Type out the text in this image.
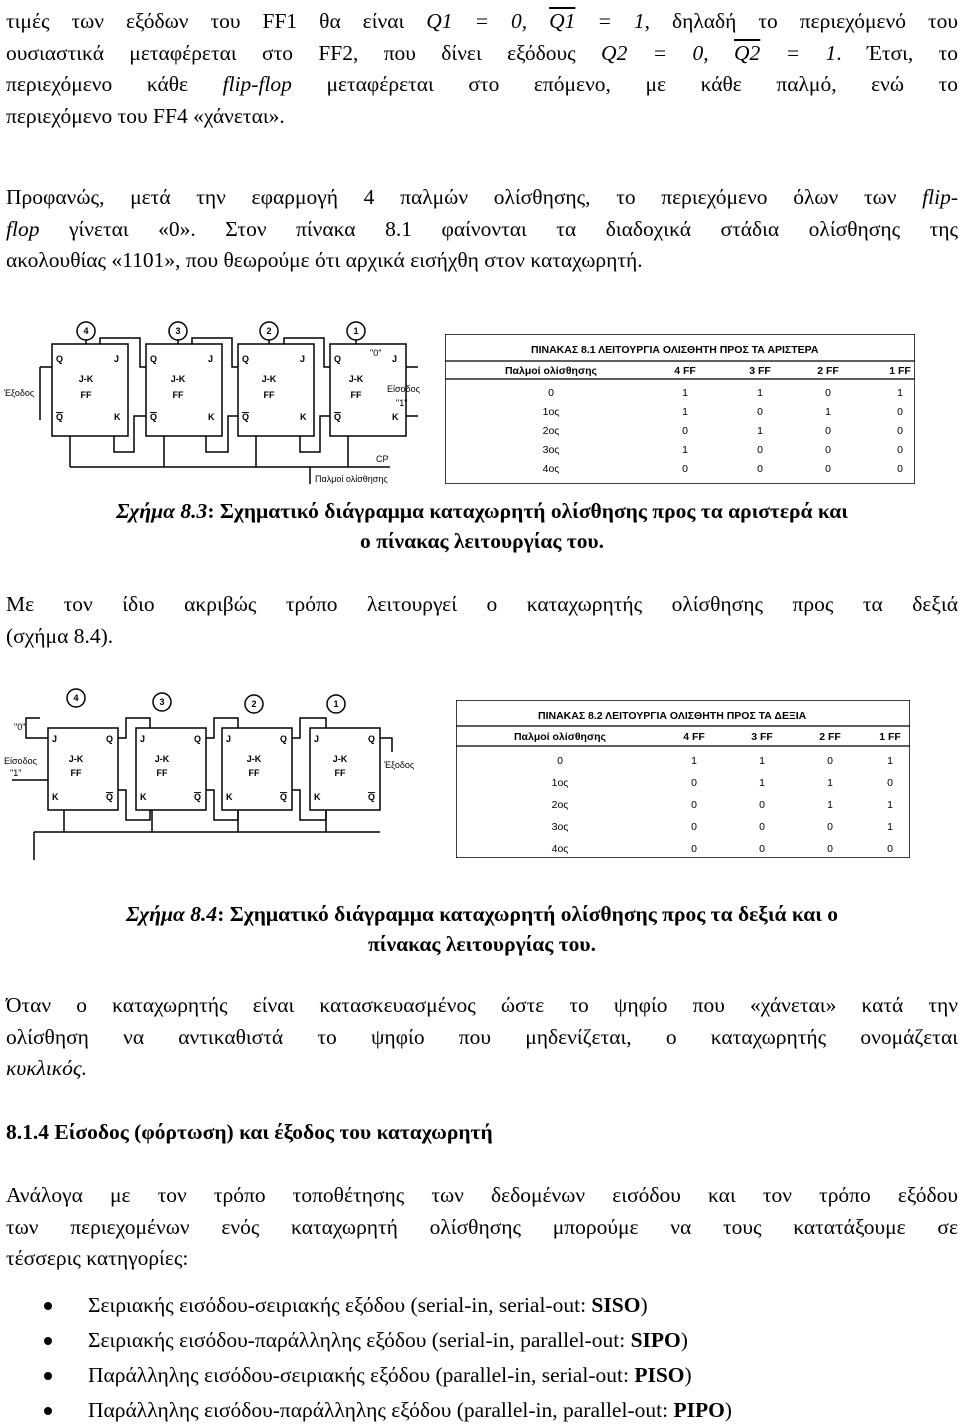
τιμές των εξόδων του FF1 θα είναι Q1 = 0, Q1 = 1, δηλαδή το περιεχόμενό του
ουσιαστικά μεταφέρεται στο FF2, που δίνει εξόδους Q2 = 0, Q2 = 1. Έτσι, το
περιεχόμενο κάθε flip-flop μεταφέρεται στο επόμενο, με κάθε παλμό, ενώ το
περιεχόμενο του FF4 «χάνεται».
Προφανώς, μετά την εφαρμογή 4 παλμών ολίσθησης, το περιεχόμενο όλων των flip-
flop γίνεται «0». Στον πίνακα 8.1 φαίνονται τα διαδοχικά στάδια ολίσθησης της
ακολουθίας «1101», που θεωρούμε ότι αρχικά εισήχθη στον καταχωρητή.
4	3	2	1
J-K
FF
J-K
FF
J-K
FF
J-K
FF
Q	J
Q	K
Q	J
Q	K
Q	J
Q	K
Q	J
Q	K
Έξοδος	Είσοδος
"0"
"1"
CP
Παλμοί ολίσθησης
ΠΙΝΑΚΑΣ 8.1 ΛΕΙΤΟΥΡΓΙΑ ΟΛΙΣΘΗΤΗ ΠΡΟΣ ΤΑ ΑΡΙΣΤΕΡΑ
Παλμοί ολίσθησης	4 FF	3 FF	2 FF	1 FF
0	1	1	0	1
1ος	1	0	1	0
2ος	0	1	0	0
3ος	1	0	0	0
4ος	0	0	0	0
Σχήμα 8.3: Σχηματικό διάγραμμα καταχωρητή ολίσθησης προς τα αριστερά και
ο πίνακας λειτουργίας του.
Με τον ίδιο ακριβώς τρόπο λειτουργεί ο καταχωρητής ολίσθησης προς τα δεξιά
(σχήμα 8.4).
4	3	2	1
J-K
FF
J-K
FF
J-K
FF
J-K
FF
J	Q
K	Q
J	Q
K	Q
J	Q
K	Q
J	Q
K	Q
"0"
Είσοδος
"1"
Έξοδος
ΠΙΝΑΚΑΣ 8.2 ΛΕΙΤΟΥΡΓΙΑ ΟΛΙΣΘΗΤΗ ΠΡΟΣ ΤΑ ΔΕΞΙΑ
Παλμοί ολίσθησης	4 FF	3 FF	2 FF	1 FF
0	1	1	0	1
1ος	0	1	1	0
2ος	0	0	1	1
3ος	0	0	0	1
4ος	0	0	0	0
Σχήμα 8.4: Σχηματικό διάγραμμα καταχωρητή ολίσθησης προς τα δεξιά και ο
πίνακας λειτουργίας του.
Όταν ο καταχωρητής είναι κατασκευασμένος ώστε το ψηφίο που «χάνεται» κατά την
ολίσθηση να αντικαθιστά το ψηφίο που μηδενίζεται, ο καταχωρητής ονομάζεται
κυκλικός.
8.1.4 Είσοδος (φόρτωση) και έξοδος του καταχωρητή
Ανάλογα με τον τρόπο τοποθέτησης των δεδομένων εισόδου και τον τρόπο εξόδου
των περιεχομένων ενός καταχωρητή ολίσθησης μπορούμε να τους κατατάξουμε σε
τέσσερις κατηγορίες:
Σειριακής εισόδου-σειριακής εξόδου (serial-in, serial-out: SISO)
Σειριακής εισόδου-παράλληλης εξόδου (serial-in, parallel-out: SIPO)
Παράλληλης εισόδου-σειριακής εξόδου (parallel-in, serial-out: PISO)
Παράλληλης εισόδου-παράλληλης εξόδου (parallel-in, parallel-out: PIPO)
